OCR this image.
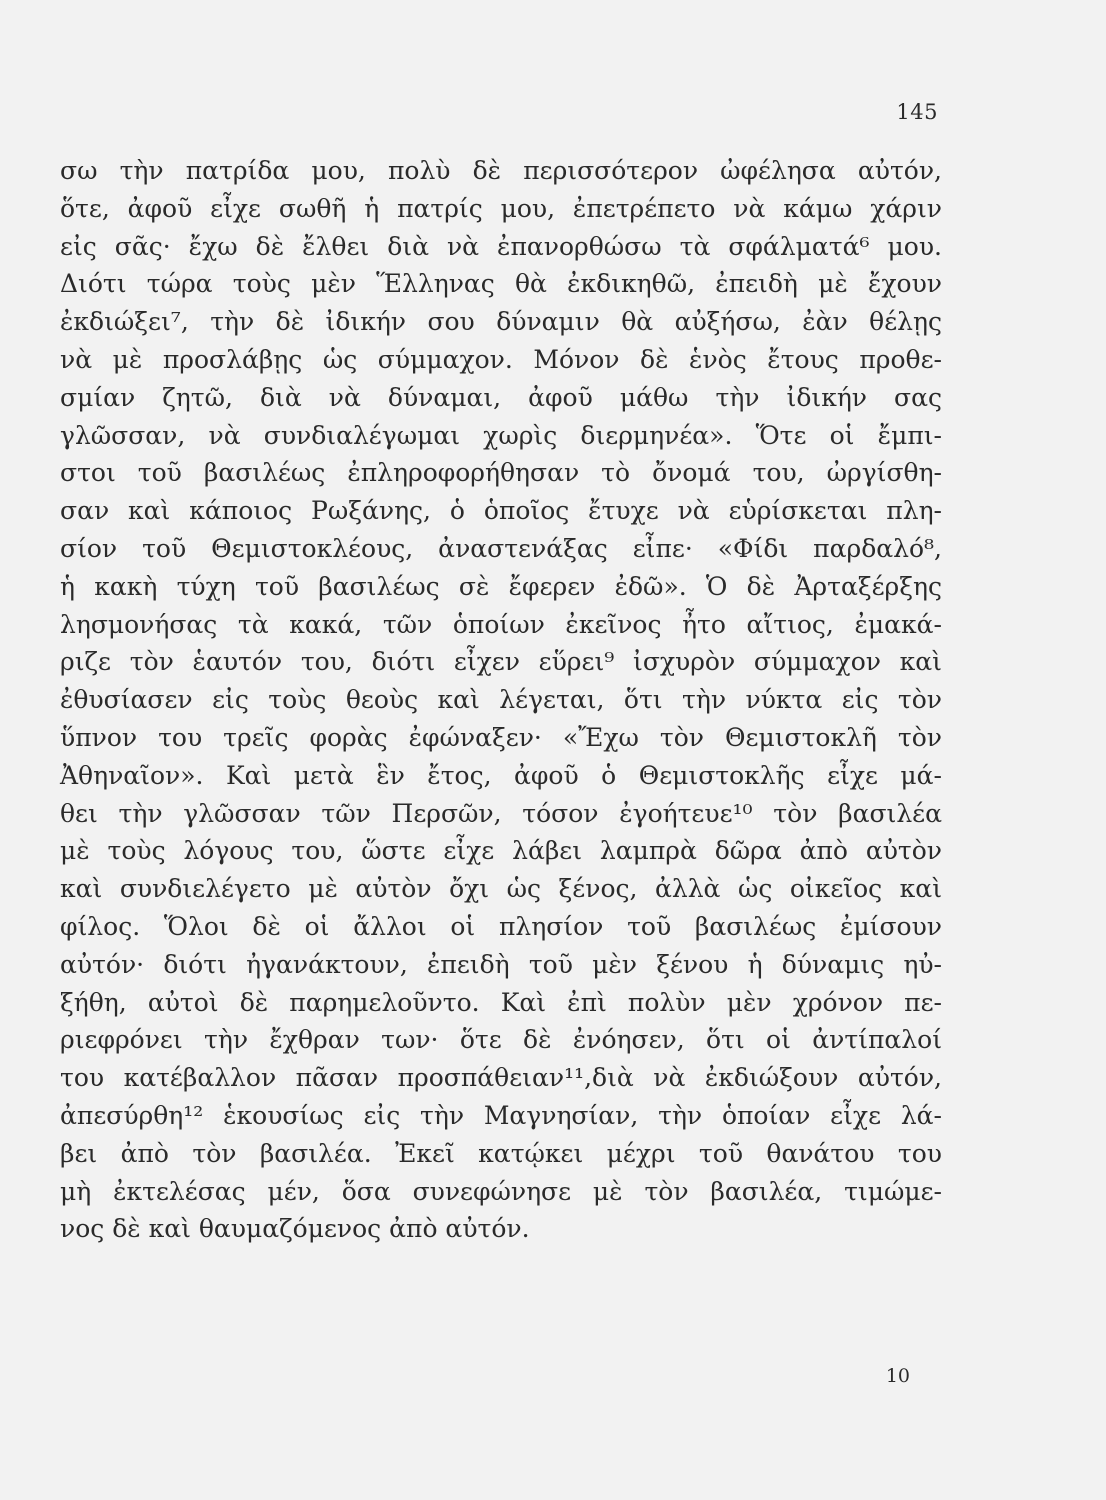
145
σω τὴν πατρίδα μου, πολὺ δὲ περισσότερον ὠφέλησα αὐτόν,
ὅτε, ἀφοῦ εἶχε σωθῆ ἡ πατρίς μου, ἐπετρέπετο νὰ κάμω χάριν
εἰς σᾶς· ἔχω δὲ ἔλθει διὰ νὰ ἐπανορθώσω τὰ σφάλματά⁶ μου.
Διότι τώρα τοὺς μὲν Ἕλληνας θὰ ἐκδικηθῶ, ἐπειδὴ μὲ ἔχουν
ἐκδιώξει⁷, τὴν δὲ ἰδικήν σου δύναμιν θὰ αὐξήσω, ἐὰν θέλῃς
νὰ μὲ προσλάβῃς ὡς σύμμαχον. Μόνον δὲ ἑνὸς ἔτους προθε-
σμίαν ζητῶ, διὰ νὰ δύναμαι, ἀφοῦ μάθω τὴν ἰδικήν σας
γλῶσσαν, νὰ συνδιαλέγωμαι χωρὶς διερμηνέα». Ὅτε οἱ ἔμπι-
στοι τοῦ βασιλέως ἐπληροφορήθησαν τὸ ὄνομά του, ὠργίσθη-
σαν καὶ κάποιος Ρωξάνης, ὁ ὁποῖος ἔτυχε νὰ εὑρίσκεται πλη-
σίον τοῦ Θεμιστοκλέους, ἀναστενάξας εἶπε· «Φίδι παρδαλό⁸,
ἡ κακὴ τύχη τοῦ βασιλέως σὲ ἔφερεν ἐδῶ». Ὁ δὲ Ἀρταξέρξης
λησμονήσας τὰ κακά, τῶν ὁποίων ἐκεῖνος ἦτο αἴτιος, ἐμακά-
ριζε τὸν ἑαυτόν του, διότι εἶχεν εὕρει⁹ ἰσχυρὸν σύμμαχον καὶ
ἐθυσίασεν εἰς τοὺς θεοὺς καὶ λέγεται, ὅτι τὴν νύκτα εἰς τὸν
ὕπνον του τρεῖς φορὰς ἐφώναξεν· «Ἔχω τὸν Θεμιστοκλῆ τὸν
Ἀθηναῖον». Καὶ μετὰ ἓν ἔτος, ἀφοῦ ὁ Θεμιστοκλῆς εἶχε μά-
θει τὴν γλῶσσαν τῶν Περσῶν, τόσον ἐγοήτευε¹⁰ τὸν βασιλέα
μὲ τοὺς λόγους του, ὥστε εἶχε λάβει λαμπρὰ δῶρα ἀπὸ αὐτὸν
καὶ συνδιελέγετο μὲ αὐτὸν ὄχι ὡς ξένος, ἀλλὰ ὡς οἰκεῖος καὶ
φίλος. Ὅλοι δὲ οἱ ἄλλοι οἱ πλησίον τοῦ βασιλέως ἐμίσουν
αὐτόν· διότι ἠγανάκτουν, ἐπειδὴ τοῦ μὲν ξένου ἡ δύναμις ηὐ-
ξήθη, αὐτοὶ δὲ παρημελοῦντο. Καὶ ἐπὶ πολὺν μὲν χρόνον πε-
ριεφρόνει τὴν ἔχθραν των· ὅτε δὲ ἐνόησεν, ὅτι οἱ ἀντίπαλοί
του κατέβαλλον πᾶσαν προσπάθειαν¹¹,διὰ νὰ ἐκδιώξουν αὐτόν,
ἀπεσύρθη¹² ἑκουσίως εἰς τὴν Μαγνησίαν, τὴν ὁποίαν εἶχε λά-
βει ἀπὸ τὸν βασιλέα. Ἐκεῖ κατῴκει μέχρι τοῦ θανάτου του
μὴ ἐκτελέσας μέν, ὅσα συνεφώνησε μὲ τὸν βασιλέα, τιμώμε-
νος δὲ καὶ θαυμαζόμενος ἀπὸ αὐτόν.
10
